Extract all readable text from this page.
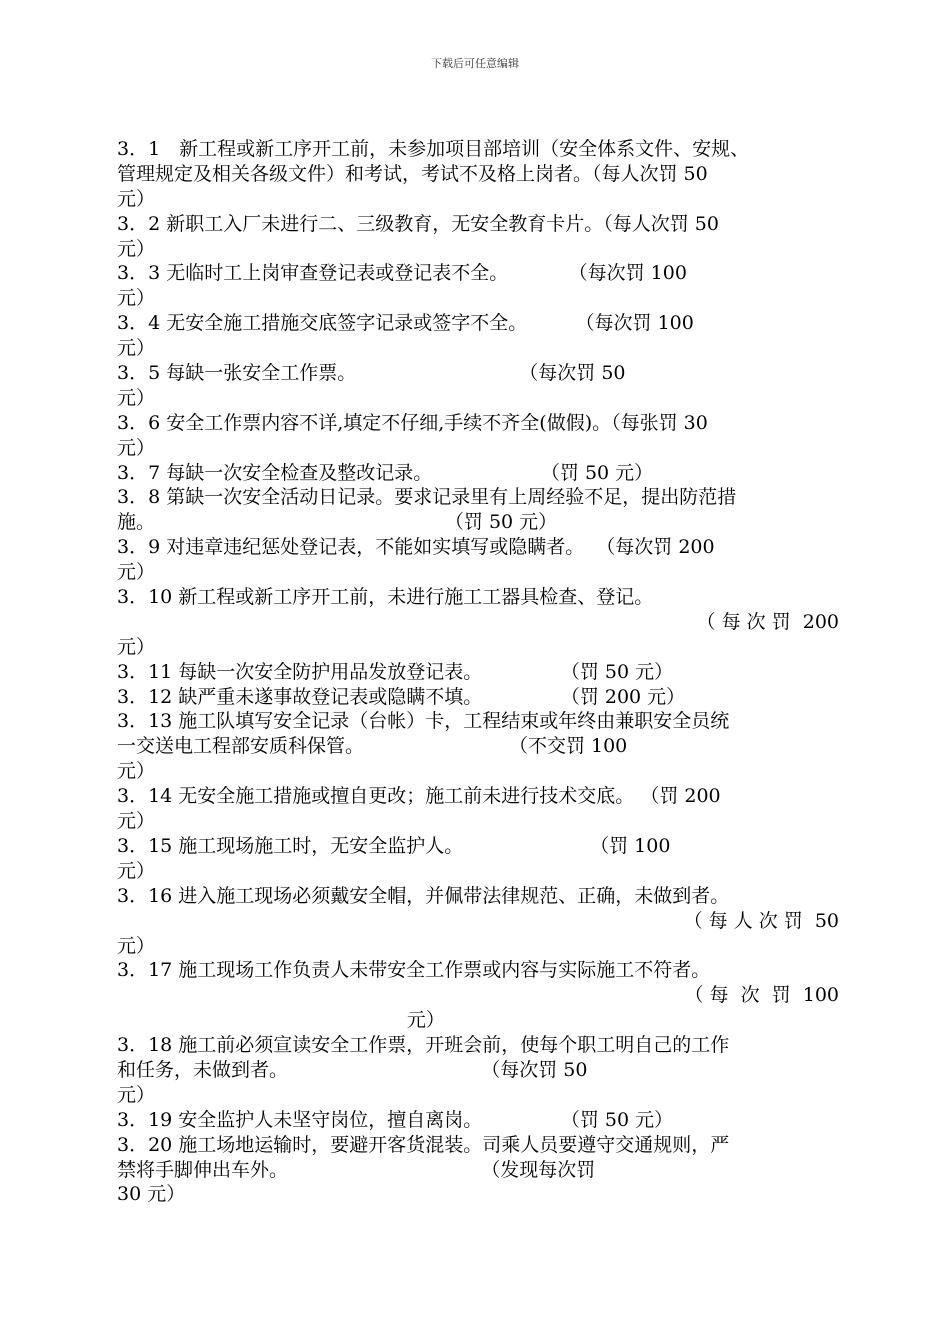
下载后可任意编辑
3．1　新工程或新工序开工前，未参加项目部培训（安全体系文件、安规、
管理规定及相关各级文件）和考试，考试不及格上岗者。（每人次罚 50
元）
3．2 新职工入厂未进行二、三级教育，无安全教育卡片。（每人次罚 50
元）
3．3 无临时工上岗审查登记表或登记表不全。          （每次罚 100
元）
3．4 无安全施工措施交底签字记录或签字不全。        （每次罚 100
元）
3．5 每缺一张安全工作票。                           （每次罚 50
元）
3．6 安全工作票内容不详,填定不仔细,手续不齐全(做假)。（每张罚 30
元）
3．7 每缺一次安全检查及整改记录。                  （罚 50 元）
3．8 第缺一次安全活动日记录。要求记录里有上周经验不足，提出防范措
施。                                                （罚 50 元）
3．9 对违章违纪惩处登记表，不能如实填写或隐瞒者。  （每次罚 200
元）
3．10 新工程或新工序开工前，未进行施工工器具检查、登记。
（ 每 次 罚  200
元）
3．11 每缺一次安全防护用品发放登记表。             （罚 50 元）
3．12 缺严重未遂事故登记表或隐瞒不填。             （罚 200 元）
3．13 施工队填写安全记录（台帐）卡，工程结束或年终由兼职安全员统
一交送电工程部安质科保管。                        （不交罚 100
元）
3．14 无安全施工措施或擅自更改；施工前未进行技术交底。 （罚 200
元）
3．15 施工现场施工时，无安全监护人。                     （罚 100
元）
3．16 进入施工现场必须戴安全帽，并佩带法律规范、正确，未做到者。
（ 每 人 次 罚  50
元）
3．17 施工现场工作负责人未带安全工作票或内容与实际施工不符者。
（ 每  次  罚  100
元）
3．18 施工前必须宣读安全工作票，开班会前，使每个职工明自己的工作
和任务，未做到者。                                （每次罚 50
元）
3．19 安全监护人未坚守岗位，擅自离岗。             （罚 50 元）
3．20 施工场地运输时，要避开客货混装。司乘人员要遵守交通规则，严
禁将手脚伸出车外。                                （发现每次罚
30 元）
